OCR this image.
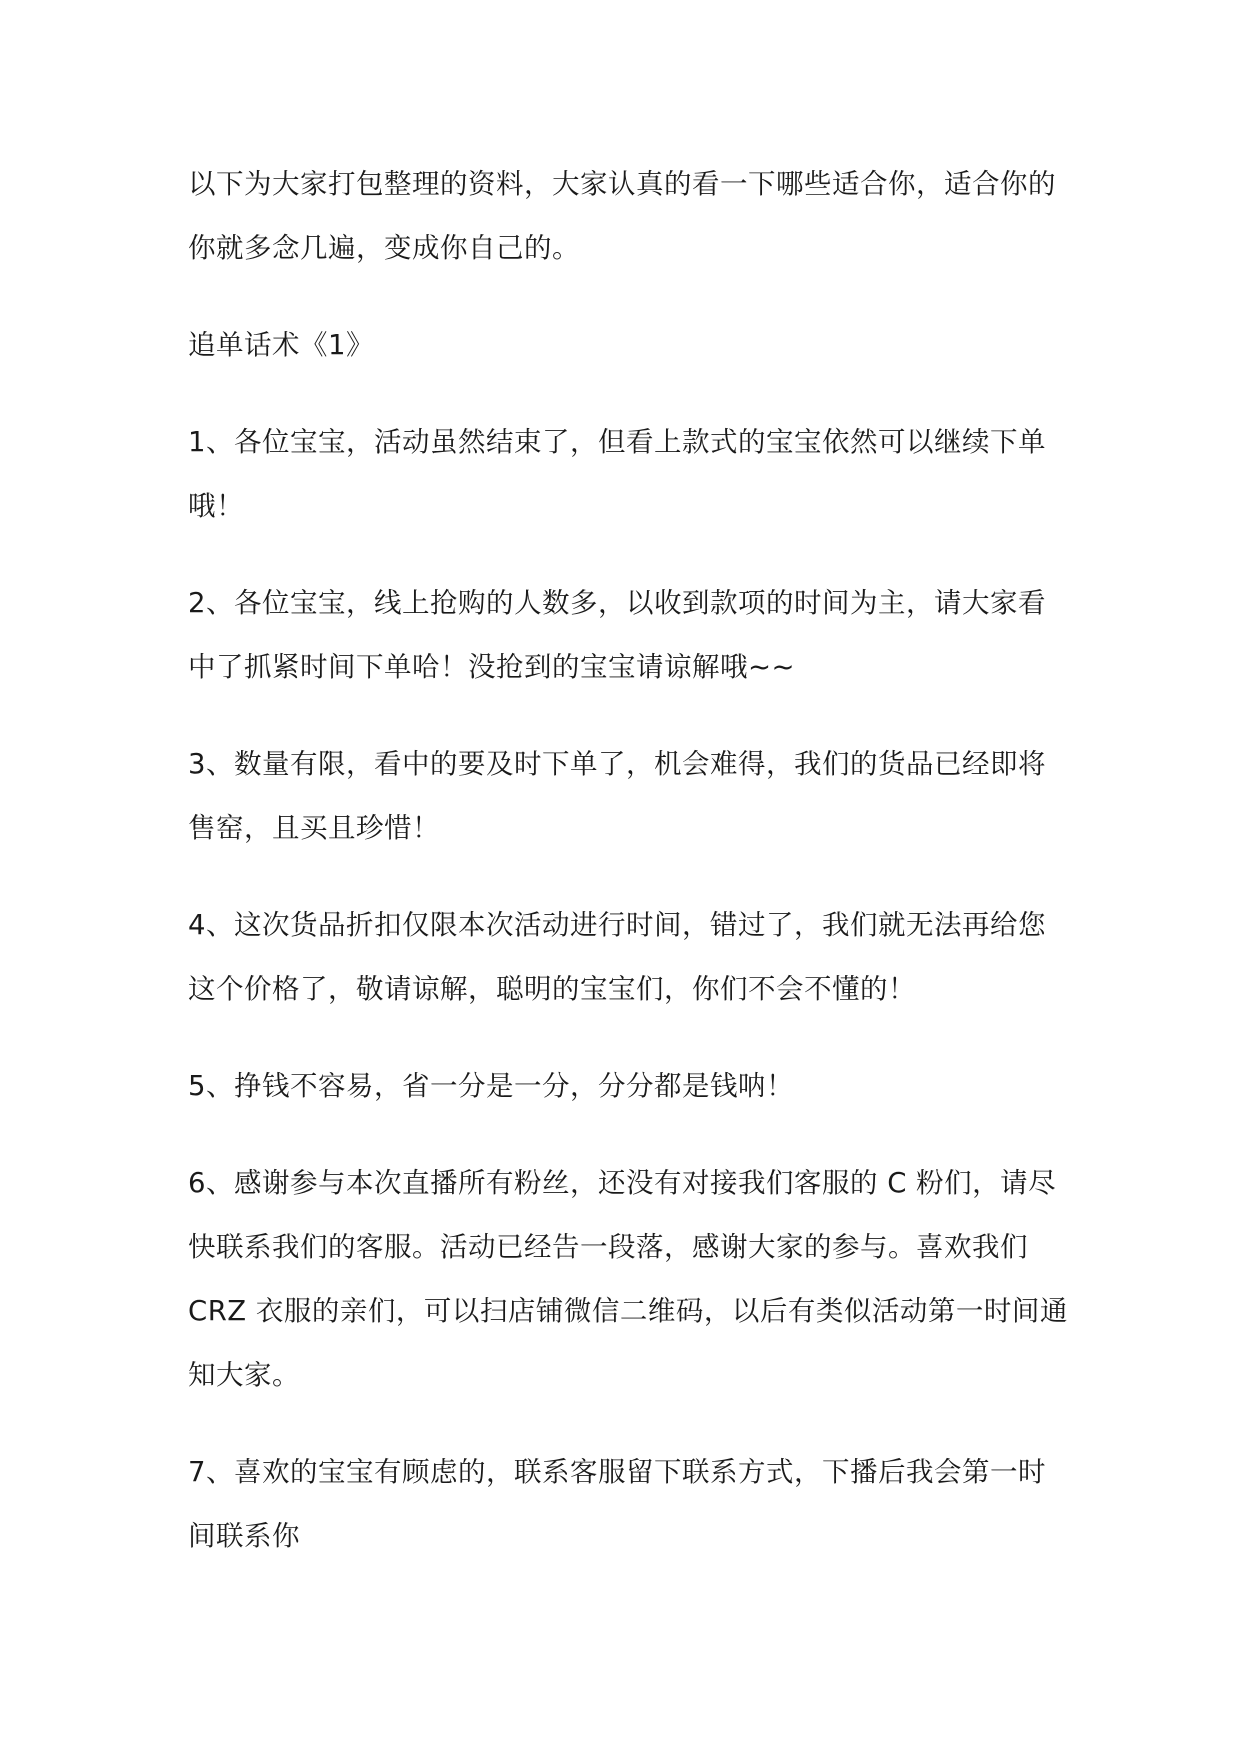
以下为大家打包整理的资料，大家认真的看一下哪些适合你，适合你的你就多念几遍，变成你自己的。

追单话术《1》

1、各位宝宝，活动虽然结束了，但看上款式的宝宝依然可以继续下单哦！

2、各位宝宝，线上抢购的人数多，以收到款项的时间为主，请大家看中了抓紧时间下单哈！没抢到的宝宝请谅解哦~~

3、数量有限，看中的要及时下单了，机会难得，我们的货品已经即将售窑，且买且珍惜！

4、这次货品折扣仅限本次活动进行时间，错过了，我们就无法再给您这个价格了，敬请谅解，聪明的宝宝们，你们不会不懂的！

5、挣钱不容易，省一分是一分，分分都是钱呐！

6、感谢参与本次直播所有粉丝，还没有对接我们客服的 C 粉们，请尽快联系我们的客服。活动已经告一段落，感谢大家的参与。喜欢我们 CRZ 衣服的亲们，可以扫店铺微信二维码，以后有类似活动第一时间通知大家。

7、喜欢的宝宝有顾虑的，联系客服留下联系方式，下播后我会第一时间联系你
